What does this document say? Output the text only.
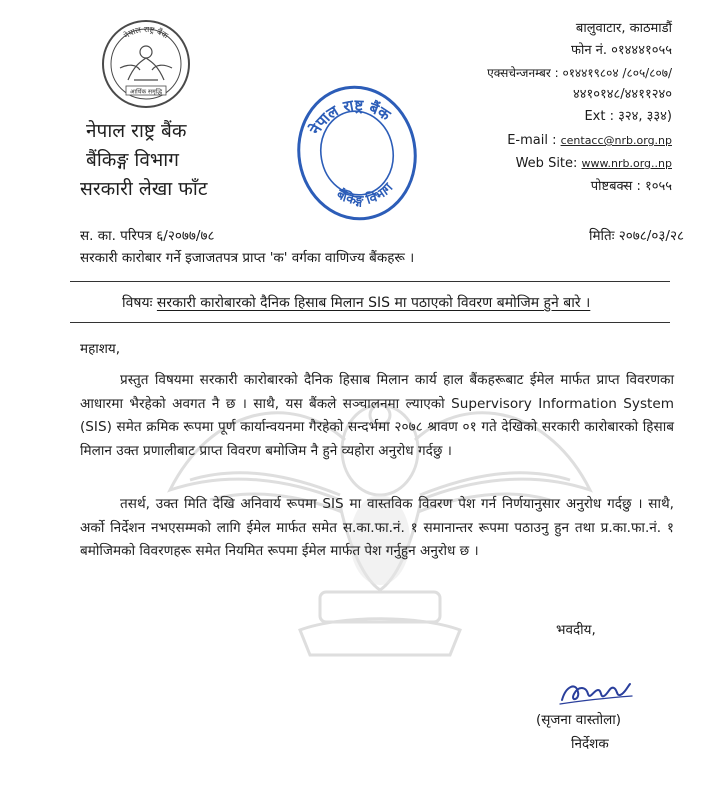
नेपाल राष्ट्र बैंक
आर्थिक समृद्धि
नेपाल राष्ट्र बैंक
बैंकिङ्ग विभाग
नेपाल राष्ट्र बैंक
बैंकिङ्ग विभाग
सरकारी लेखा फाँट
बालुवाटार, काठमाडौं
फोन नं. ०१४४४१०५५
एक्सचेन्जनम्बर : ०१४४१९८०४ /८०५/८०७/
४४१०१४८/४४११२४०
Ext : ३२४, ३३४)
E-mail : centacc@nrb.org.np
Web Site: www.nrb.org..np
पोष्टबक्स : १०५५
स. का. परिपत्र ६/२०७७/७८	मितिः २०७८/०३/२८
सरकारी कारोबार गर्ने इजाजतपत्र प्राप्त 'क' वर्गका वाणिज्य बैंकहरू ।
विषयः सरकारी कारोबारको दैनिक हिसाब मिलान SIS मा पठाएको विवरण बमोजिम हुने बारे ।
महाशय,

प्रस्तुत विषयमा सरकारी कारोबारको दैनिक हिसाब मिलान कार्य हाल बैंकहरूबाट ईमेल मार्फत प्राप्त विवरणका आधारमा भैरहेको अवगत नै छ । साथै, यस बैंकले सञ्चालनमा ल्याएको Supervisory Information System (SIS) समेत क्रमिक रूपमा पूर्ण कार्यान्वयनमा गैरहेको सन्दर्भमा २०७८ श्रावण ०१ गते देखिको सरकारी कारोबारको हिसाब मिलान उक्त प्रणालीबाट प्राप्त विवरण बमोजिम नै हुने व्यहोरा अनुरोध गर्दछु ।

तसर्थ, उक्त मिति देखि अनिवार्य रूपमा SIS मा वास्तविक विवरण पेश गर्न निर्णयानुसार अनुरोध गर्दछु । साथै, अर्को निर्देशन नभएसम्मको लागि ईमेल मार्फत समेत स.का.फा.नं. १ समानान्तर रूपमा पठाउनु हुन तथा प्र.का.फा.नं. १ बमोजिमको विवरणहरू समेत नियमित रूपमा ईमेल मार्फत पेश गर्नुहुन अनुरोध छ ।

भवदीय,
(सृजना वास्तोला)
निर्देशक
